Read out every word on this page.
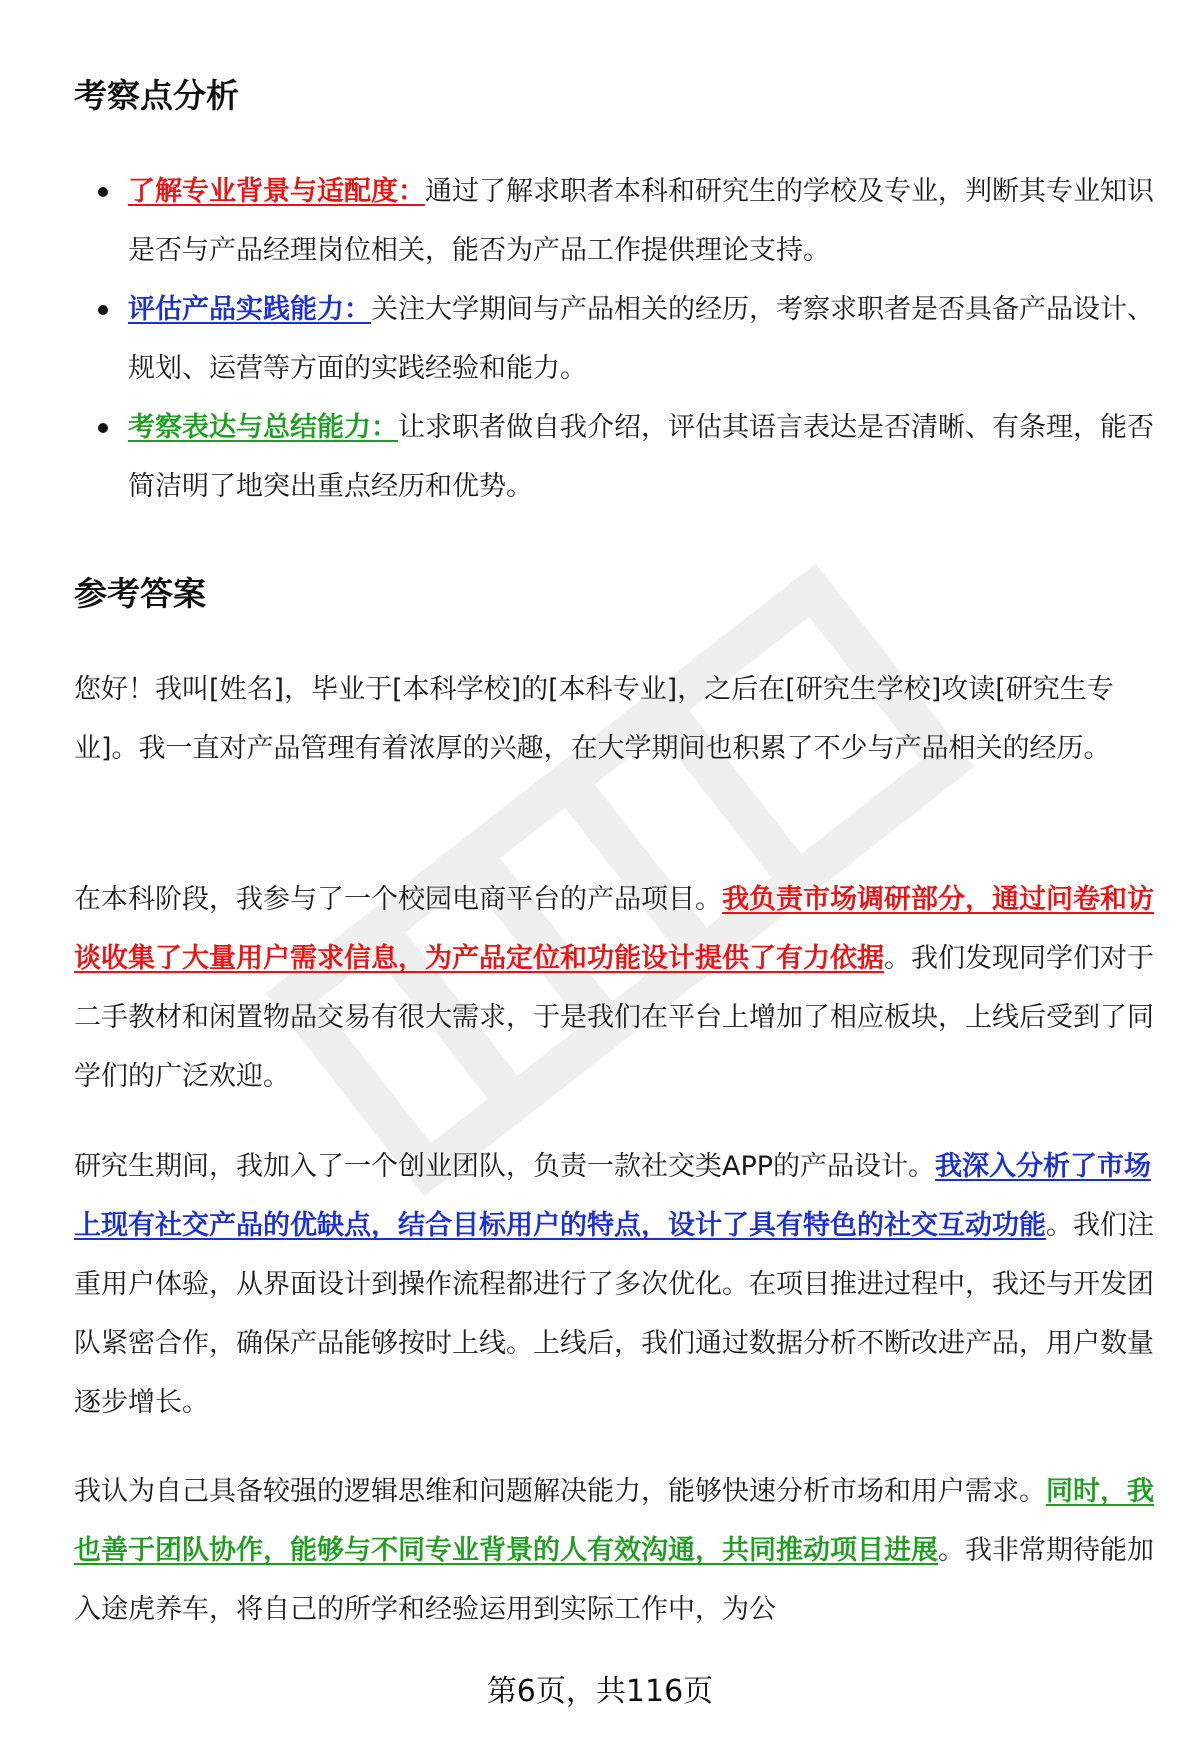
考察点分析
了解专业背景与适配度：通过了解求职者本科和研究生的学校及专业，判断其专业知识是否与产品经理岗位相关，能否为产品工作提供理论支持。
评估产品实践能力：关注大学期间与产品相关的经历，考察求职者是否具备产品设计、规划、运营等方面的实践经验和能力。
考察表达与总结能力：让求职者做自我介绍，评估其语言表达是否清晰、有条理，能否简洁明了地突出重点经历和优势。
参考答案

您好！我叫[姓名]，毕业于[本科学校]的[本科专业]，之后在[研究生学校]攻读[研究生专业]。我一直对产品管理有着浓厚的兴趣，在大学期间也积累了不少与产品相关的经历。

在本科阶段，我参与了一个校园电商平台的产品项目。我负责市场调研部分，通过问卷和访谈收集了大量用户需求信息，为产品定位和功能设计提供了有力依据。我们发现同学们对于二手教材和闲置物品交易有很大需求，于是我们在平台上增加了相应板块，上线后受到了同学们的广泛欢迎。

研究生期间，我加入了一个创业团队，负责一款社交类APP的产品设计。我深入分析了市场上现有社交产品的优缺点，结合目标用户的特点，设计了具有特色的社交互动功能。我们注重用户体验，从界面设计到操作流程都进行了多次优化。在项目推进过程中，我还与开发团队紧密合作，确保产品能够按时上线。上线后，我们通过数据分析不断改进产品，用户数量逐步增长。

我认为自己具备较强的逻辑思维和问题解决能力，能够快速分析市场和用户需求。同时，我也善于团队协作，能够与不同专业背景的人有效沟通，共同推动项目进展。我非常期待能加入途虎养车，将自己的所学和经验运用到实际工作中，为公

第6页，共116页
